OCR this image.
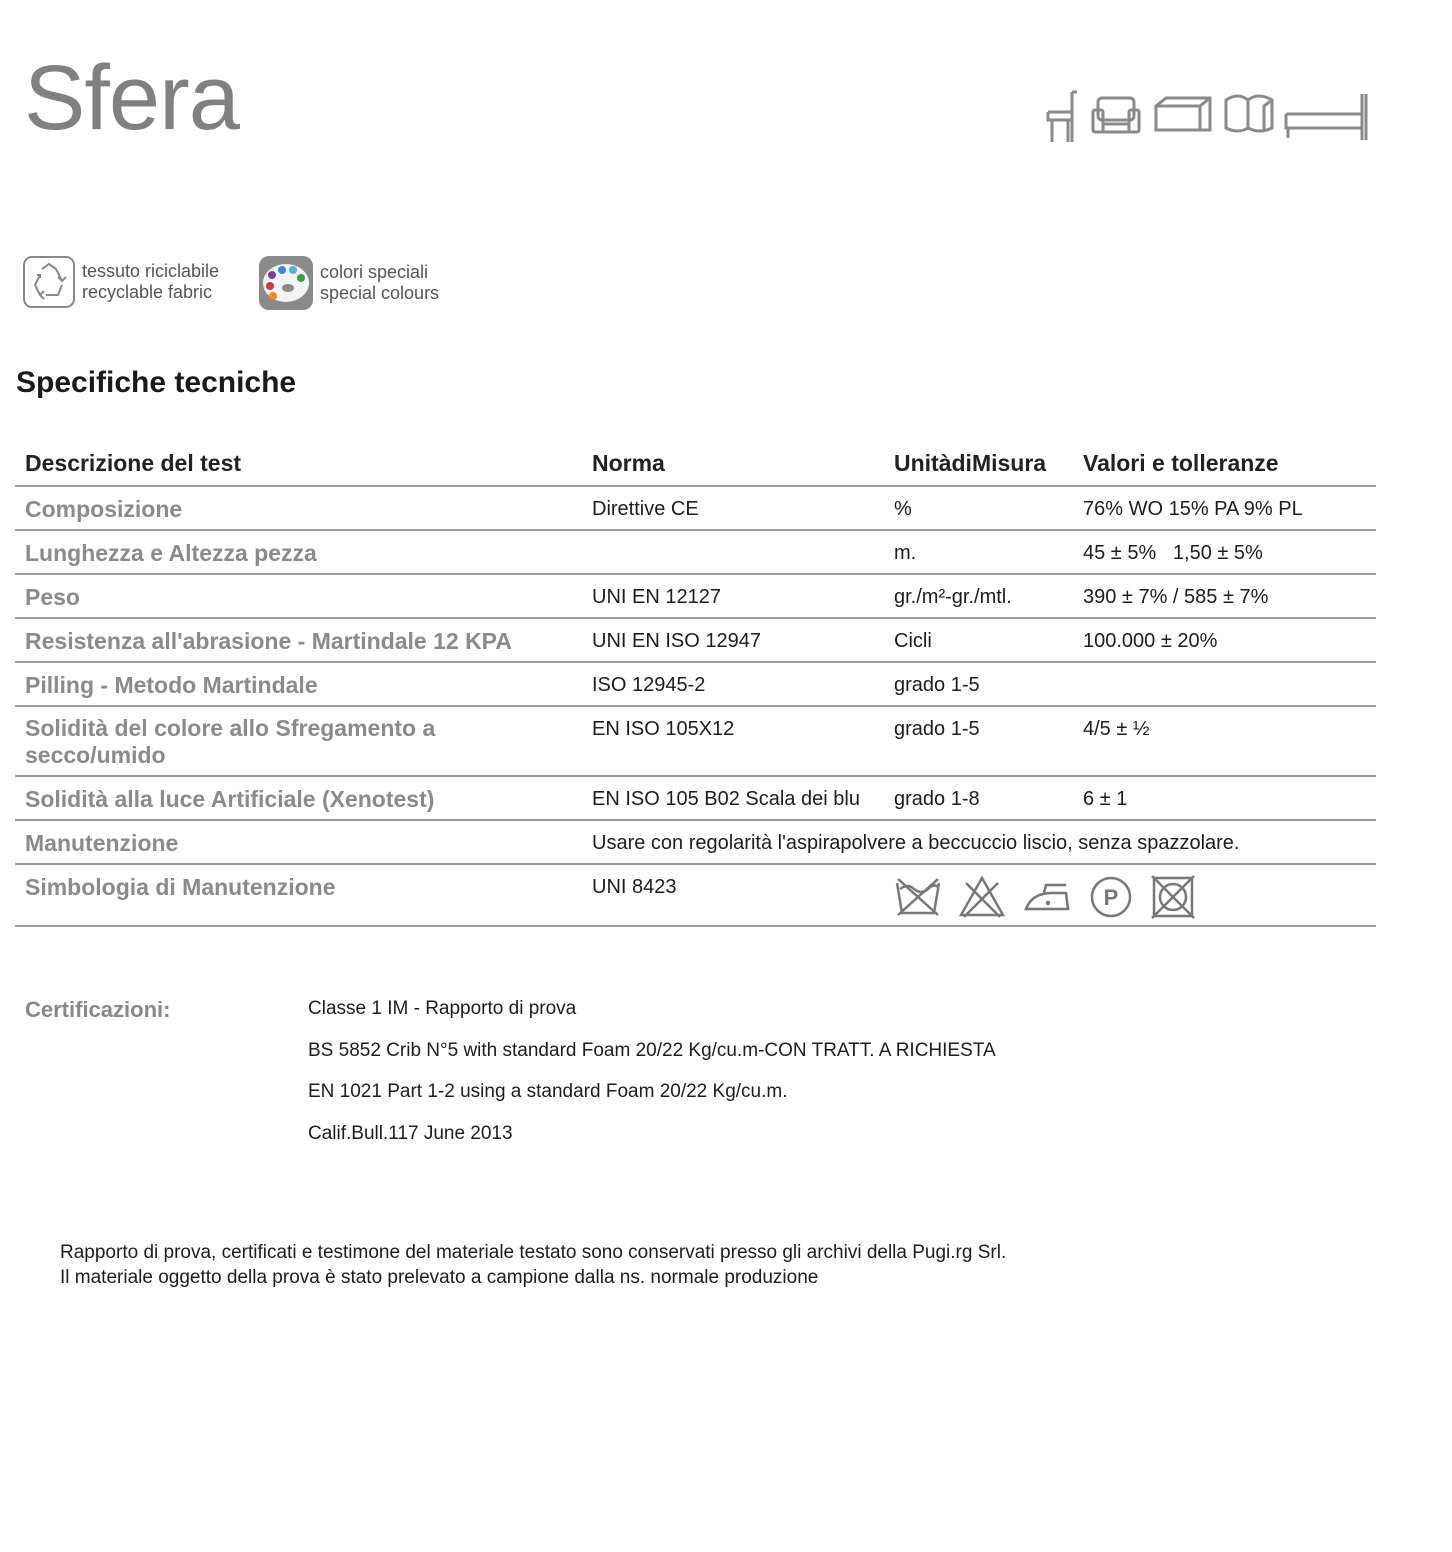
Sfera
tessuto riciclabile
recyclable fabric
colori speciali
special colours
Specifiche tecniche
Descrizione del test	Norma	UnitàdiMisura	Valori e tolleranze
Composizione	Direttive CE	%	76% WO 15% PA 9% PL
Lunghezza e Altezza pezza		m.	45 ± 5%   1,50 ± 5%
Peso	UNI EN 12127	gr./m²-gr./mtl.	390 ± 7% / 585 ± 7%
Resistenza all'abrasione - Martindale 12 KPA	UNI EN ISO 12947	Cicli	100.000 ± 20%
Pilling - Metodo Martindale	ISO 12945-2	grado 1-5	
Solidità del colore allo Sfregamento a secco/umido	EN ISO 105X12	grado 1-5	4/5 ± ½
Solidità alla luce Artificiale (Xenotest)	EN ISO 105 B02 Scala dei blu	grado 1-8	6 ± 1
Manutenzione	Usare con regolarità l'aspirapolvere a beccuccio liscio, senza spazzolare.		
Simbologia di Manutenzione	UNI 8423	P	
Certificazioni:	Classe 1 IM - Rapporto di prova
BS 5852 Crib N°5 with standard Foam 20/22 Kg/cu.m-CON TRATT. A RICHIESTA
EN 1021 Part 1-2 using a standard Foam 20/22 Kg/cu.m.
Calif.Bull.117 June 2013
Rapporto di prova, certificati e testimone del materiale testato sono conservati presso gli archivi della Pugi.rg Srl.
Il materiale oggetto della prova è stato prelevato a campione dalla ns. normale produzione
